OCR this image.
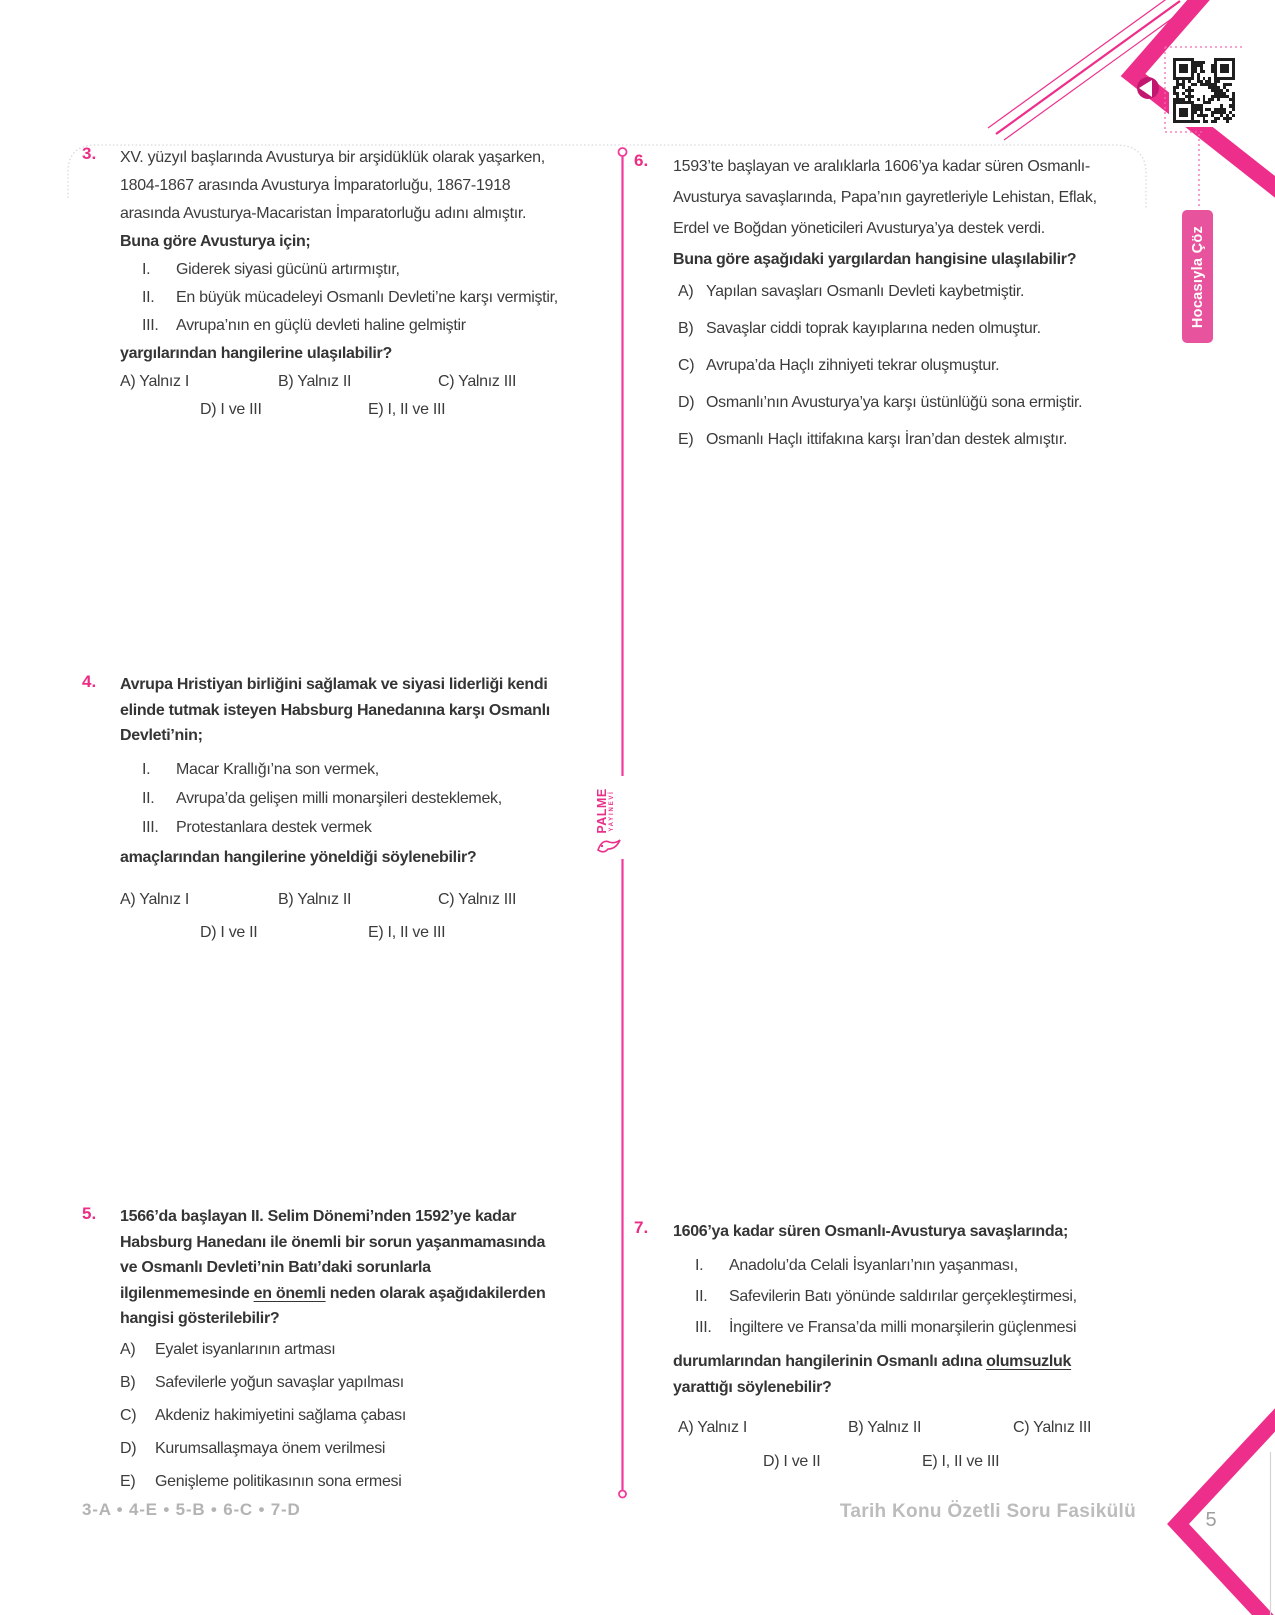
Hocasıyla Çöz
PALME YAYINEVİ
3. XV. yüzyıl başlarında Avusturya bir arşidüklük olarak yaşarken,
1804-1867 arasında Avusturya İmparatorluğu, 1867-1918
arasında Avusturya-Macaristan İmparatorluğu adını almıştır.
Buna göre Avusturya için;
I. Giderek siyasi gücünü artırmıştır,
II. En büyük mücadeleyi Osmanlı Devleti’ne karşı vermiştir,
III. Avrupa’nın en güçlü devleti haline gelmiştir
yargılarından hangilerine ulaşılabilir?
A) Yalnız I	B) Yalnız II	C) Yalnız III
D) I ve III	E) I, II ve III
4. Avrupa Hristiyan birliğini sağlamak ve siyasi liderliği kendi
elinde tutmak isteyen Habsburg Hanedanına karşı Osmanlı
Devleti’nin;
I. Macar Krallığı’na son vermek,
II. Avrupa’da gelişen milli monarşileri desteklemek,
III. Protestanlara destek vermek
amaçlarından hangilerine yöneldiği söylenebilir?
A) Yalnız I	B) Yalnız II	C) Yalnız III
D) I ve II	E) I, II ve III
5. 1566’da başlayan II. Selim Dönemi’nden 1592’ye kadar
Habsburg Hanedanı ile önemli bir sorun yaşanmamasında
ve Osmanlı Devleti’nin Batı’daki sorunlarla
ilgilenmemesinde en önemli neden olarak aşağıdakilerden
hangisi gösterilebilir?
A)	Eyalet isyanlarının artması
B)	Safevilerle yoğun savaşlar yapılması
C)	Akdeniz hakimiyetini sağlama çabası
D)	Kurumsallaşmaya önem verilmesi
E)	Genişleme politikasının sona ermesi
6. 1593’te başlayan ve aralıklarla 1606’ya kadar süren Osmanlı-
Avusturya savaşlarında, Papa’nın gayretleriyle Lehistan, Eflak,
Erdel ve Boğdan yöneticileri Avusturya’ya destek verdi.
Buna göre aşağıdaki yargılardan hangisine ulaşılabilir?
A) Yapılan savaşları Osmanlı Devleti kaybetmiştir.
B) Savaşlar ciddi toprak kayıplarına neden olmuştur.
C) Avrupa’da Haçlı zihniyeti tekrar oluşmuştur.
D) Osmanlı’nın Avusturya’ya karşı üstünlüğü sona ermiştir.
E) Osmanlı Haçlı ittifakına karşı İran’dan destek almıştır.
7. 1606’ya kadar süren Osmanlı-Avusturya savaşlarında;
I. Anadolu’da Celali İsyanları’nın yaşanması,
II. Safevilerin Batı yönünde saldırılar gerçekleştirmesi,
III. İngiltere ve Fransa’da milli monarşilerin güçlenmesi
durumlarından hangilerinin Osmanlı adına olumsuzluk
yarattığı söylenebilir?
A) Yalnız I	B) Yalnız II	C) Yalnız III
D) I ve II	E) I, II ve III
3-A • 4-E • 5-B • 6-C • 7-D	Tarih Konu Özetli Soru Fasikülü	5
